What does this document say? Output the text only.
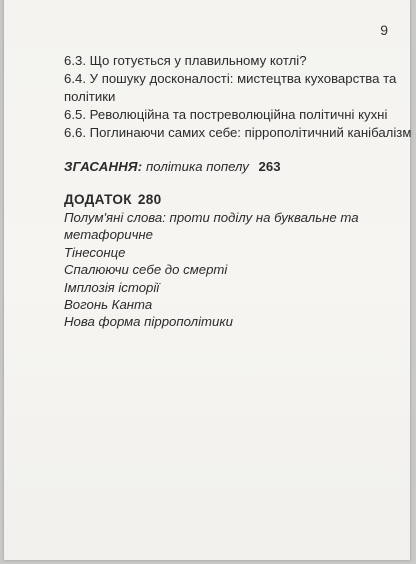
9
6.3. Що готується у плавильному котлі?
6.4. У пошуку досконалості: мистецтва куховарства та
політики
6.5. Революційна та постреволюційна політичні кухні
6.6. Поглинаючи самих себе: піррополітичний канібалізм
ЗГАСАННЯ: політика попелу 263
ДОДАТОК 280
Полум'яні слова: проти поділу на буквальне та
метафоричне
Тінесонце
Спалюючи себе до смерті
Імплозія історії
Вогонь Канта
Нова форма піррополітики
